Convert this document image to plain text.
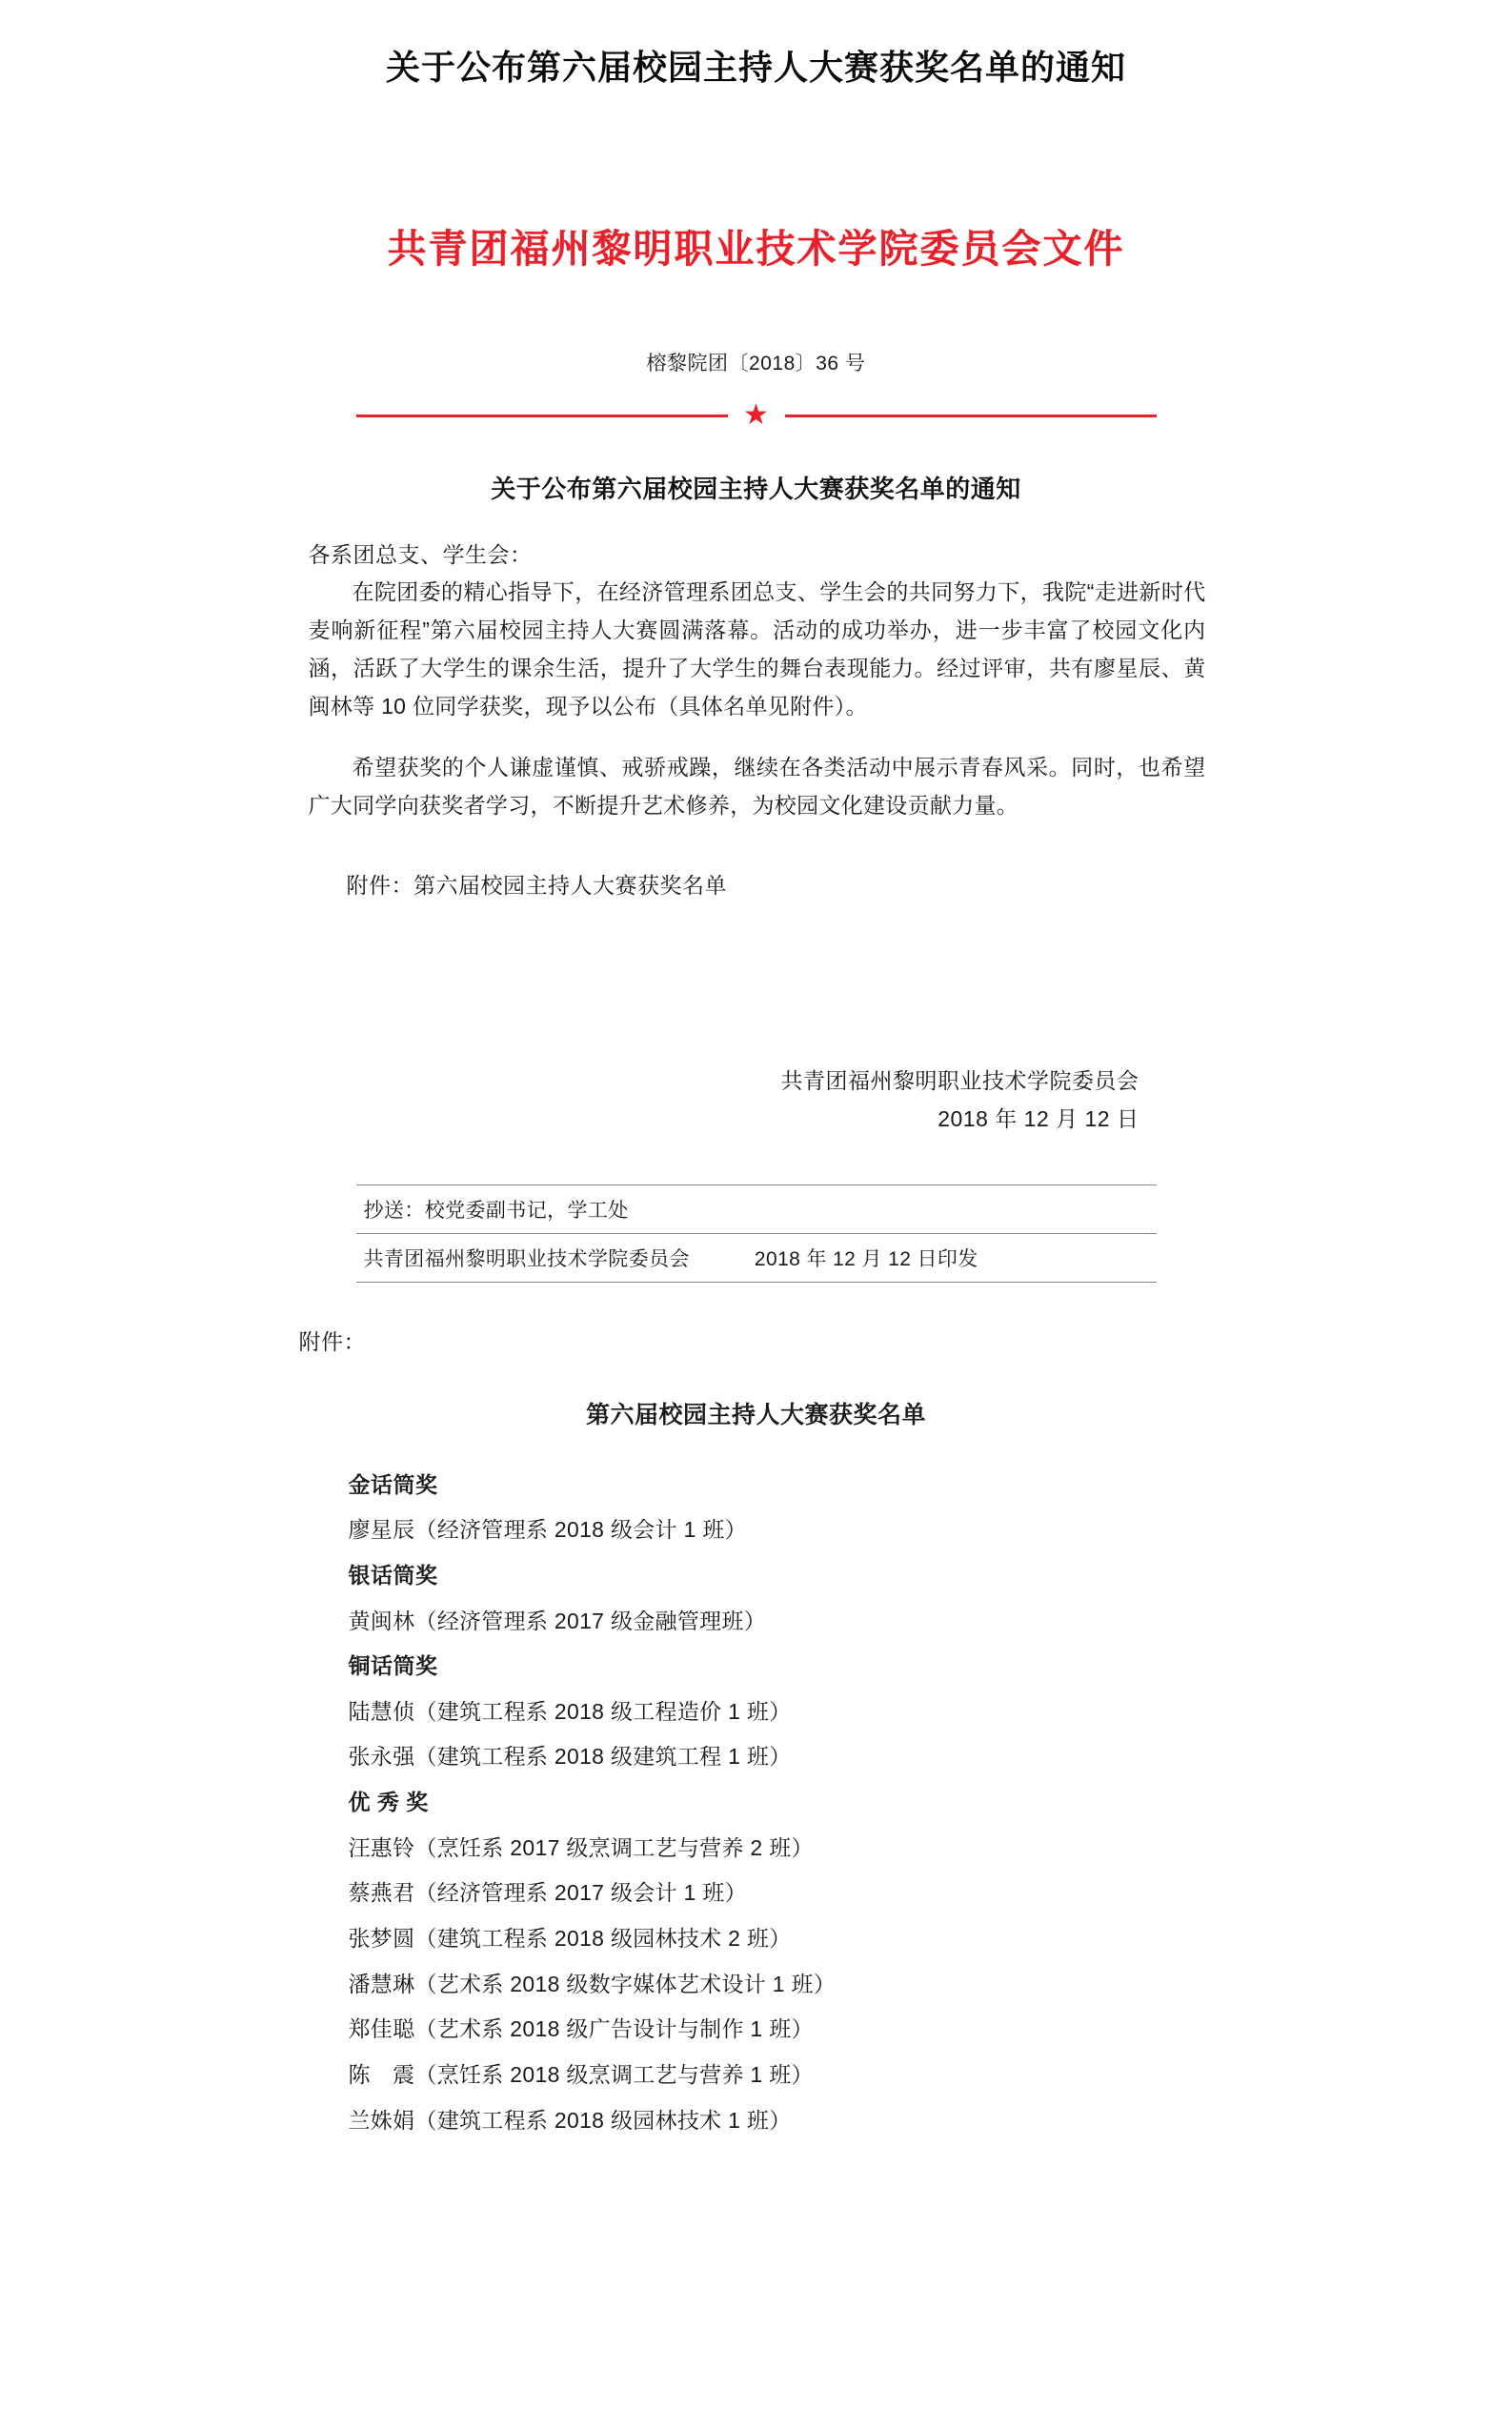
关于公布第六届校园主持人大赛获奖名单的通知
共青团福州黎明职业技术学院委员会文件
榕黎院团〔2018〕36 号
★
关于公布第六届校园主持人大赛获奖名单的通知
各系团总支、学生会：

在院团委的精心指导下，在经济管理系团总支、学生会的共同努力下，我院“走进新时代 麦响新征程”第六届校园主持人大赛圆满落幕。活动的成功举办，进一步丰富了校园文化内涵，活跃了大学生的课余生活，提升了大学生的舞台表现能力。经过评审，共有廖星辰、黄闽林等 10 位同学获奖，现予以公布（具体名单见附件）。

希望获奖的个人谦虚谨慎、戒骄戒躁，继续在各类活动中展示青春风采。同时，也希望广大同学向获奖者学习，不断提升艺术修养，为校园文化建设贡献力量。

附件：第六届校园主持人大赛获奖名单
共青团福州黎明职业技术学院委员会
2018 年 12 月 12 日
抄送：校党委副书记，学工处
共青团福州黎明职业技术学院委员会	2018 年 12 月 12 日印发
附件：
第六届校园主持人大赛获奖名单
金话筒奖
廖星辰（经济管理系 2018 级会计 1 班）
银话筒奖
黄闽林（经济管理系 2017 级金融管理班）
铜话筒奖
陆慧侦（建筑工程系 2018 级工程造价 1 班）
张永强（建筑工程系 2018 级建筑工程 1 班）
优 秀 奖
汪惠铃（烹饪系 2017 级烹调工艺与营养 2 班）
蔡燕君（经济管理系 2017 级会计 1 班）
张梦圆（建筑工程系 2018 级园林技术 2 班）
潘慧琳（艺术系 2018 级数字媒体艺术设计 1 班）
郑佳聪（艺术系 2018 级广告设计与制作 1 班）
陈　震（烹饪系 2018 级烹调工艺与营养 1 班）
兰姝娟（建筑工程系 2018 级园林技术 1 班）
